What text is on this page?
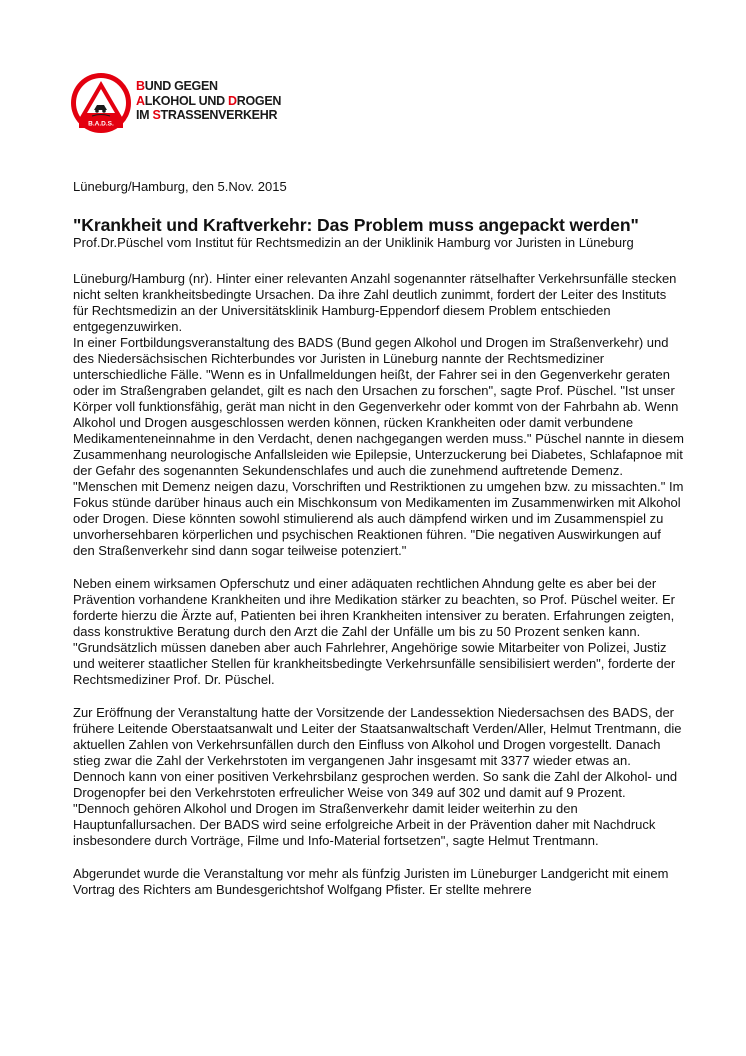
B.A.D.S.
BUND GEGEN
ALKOHOL UND DROGEN
IM STRASSENVERKEHR

Lüneburg/Hamburg, den 5.Nov. 2015

"Krankheit und Kraftverkehr: Das Problem muss angepackt werden"

Prof.Dr.Püschel vom Institut für Rechtsmedizin an der Uniklinik Hamburg vor Juristen in Lüneburg

Lüneburg/Hamburg (nr). Hinter einer relevanten Anzahl sogenannter rätselhafter Verkehrsunfälle stecken nicht selten krankheitsbedingte Ursachen. Da ihre Zahl deutlich zunimmt, fordert der Leiter des Instituts für Rechtsmedizin an der Universitätsklinik Hamburg-Eppendorf diesem Problem entschieden entgegenzuwirken.

In einer Fortbildungsveranstaltung des BADS (Bund gegen Alkohol und Drogen im Straßenverkehr) und des Niedersächsischen Richterbundes vor Juristen in Lüneburg nannte der Rechtsmediziner unterschiedliche Fälle. "Wenn es in Unfallmeldungen heißt, der Fahrer sei in den Gegenverkehr geraten oder im Straßengraben gelandet, gilt es nach den Ursachen zu forschen", sagte Prof. Püschel. "Ist unser Körper voll funktionsfähig, gerät man nicht in den Gegenverkehr oder kommt von der Fahrbahn ab. Wenn Alkohol und Drogen ausgeschlossen werden können, rücken Krankheiten oder damit verbundene Medikamenteneinnahme in den Verdacht, denen nachgegangen werden muss." Püschel nannte in diesem Zusammenhang neurologische Anfallsleiden wie Epilepsie, Unterzuckerung bei Diabetes, Schlafapnoe mit der Gefahr des sogenannten Sekundenschlafes und auch die zunehmend auftretende Demenz. "Menschen mit Demenz neigen dazu, Vorschriften und Restriktionen zu umgehen bzw. zu missachten." Im Fokus stünde darüber hinaus auch ein Mischkonsum von Medikamenten im Zusammenwirken mit Alkohol oder Drogen. Diese könnten sowohl stimulierend als auch dämpfend wirken und im Zusammenspiel zu unvorhersehbaren körperlichen und psychischen Reaktionen führen. "Die negativen Auswirkungen auf den Straßenverkehr sind dann sogar teilweise potenziert."

Neben einem wirksamen Opferschutz und einer adäquaten rechtlichen Ahndung gelte es aber bei der Prävention vorhandene Krankheiten und ihre Medikation stärker zu beachten, so Prof. Püschel weiter. Er forderte hierzu die Ärzte auf, Patienten bei ihren Krankheiten intensiver zu beraten. Erfahrungen zeigten, dass konstruktive Beratung durch den Arzt die Zahl der Unfälle um bis zu 50 Prozent senken kann. "Grundsätzlich müssen daneben aber auch Fahrlehrer, Angehörige sowie Mitarbeiter von Polizei, Justiz und weiterer staatlicher Stellen für krankheitsbedingte Verkehrsunfälle sensibilisiert werden", forderte der Rechtsmediziner Prof. Dr. Püschel.

Zur Eröffnung der Veranstaltung hatte der Vorsitzende der Landessektion Niedersachsen des BADS, der frühere Leitende Oberstaatsanwalt und Leiter der Staatsanwaltschaft Verden/Aller, Helmut Trentmann, die aktuellen Zahlen von Verkehrsunfällen durch den Einfluss von Alkohol und Drogen vorgestellt. Danach stieg zwar die Zahl der Verkehrstoten im vergangenen Jahr insgesamt mit 3377 wieder etwas an. Dennoch kann von einer positiven Verkehrsbilanz gesprochen werden. So sank die Zahl der Alkohol- und Drogenopfer bei den Verkehrstoten erfreulicher Weise von 349 auf 302 und damit auf 9 Prozent. "Dennoch gehören Alkohol und Drogen im Straßenverkehr damit leider weiterhin zu den Hauptunfallursachen. Der BADS wird seine erfolgreiche Arbeit in der Prävention daher mit Nachdruck insbesondere durch Vorträge, Filme und Info-Material fortsetzen", sagte Helmut Trentmann.

Abgerundet wurde die Veranstaltung vor mehr als fünfzig Juristen im Lüneburger Landgericht mit einem Vortrag des Richters am Bundesgerichtshof Wolfgang Pfister. Er stellte mehrere
